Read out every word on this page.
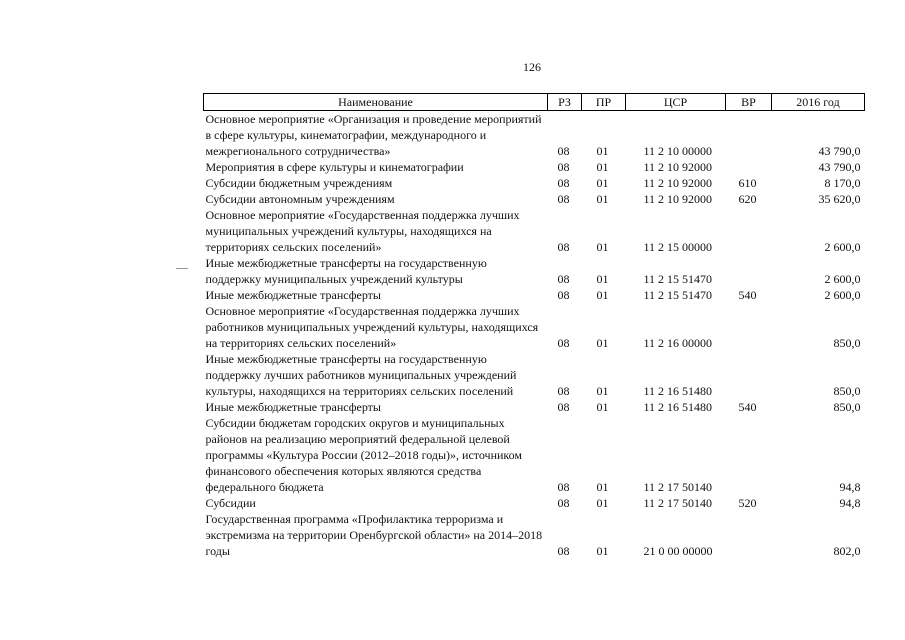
126
Наименование	РЗ	ПР	ЦСР	ВР	2016 год
Основное мероприятие «Организация и проведение мероприятий в сфере культуры, кинематографии, международного и межрегионального сотрудничества»	08	01	11 2 10 00000		43 790,0
Мероприятия в сфере культуры и кинематографии	08	01	11 2 10 92000		43 790,0
Субсидии бюджетным учреждениям	08	01	11 2 10 92000	610	8 170,0
Субсидии автономным учреждениям	08	01	11 2 10 92000	620	35 620,0
Основное мероприятие «Государственная поддержка лучших муниципальных учреждений культуры, находящихся на территориях сельских поселений»	08	01	11 2 15 00000		2 600,0
Иные межбюджетные трансферты на государственную поддержку муниципальных учреждений культуры	08	01	11 2 15 51470		2 600,0
Иные межбюджетные трансферты	08	01	11 2 15 51470	540	2 600,0
Основное мероприятие «Государственная поддержка лучших работников муниципальных учреждений культуры, находящихся на территориях сельских поселений»	08	01	11 2 16 00000		850,0
Иные межбюджетные трансферты на государственную поддержку лучших работников муниципальных учреждений культуры, находящихся на территориях сельских поселений	08	01	11 2 16 51480		850,0
Иные межбюджетные трансферты	08	01	11 2 16 51480	540	850,0
Субсидии бюджетам городских округов и муниципальных районов на реализацию мероприятий федеральной целевой программы «Культура России (2012–2018 годы)», источником финансового обеспечения которых являются средства федерального бюджета	08	01	11 2 17 50140		94,8
Субсидии	08	01	11 2 17 50140	520	94,8
Государственная программа «Профилактика терроризма и экстремизма на территории Оренбургской области» на 2014–2018 годы	08	01	21 0 00 00000		802,0
